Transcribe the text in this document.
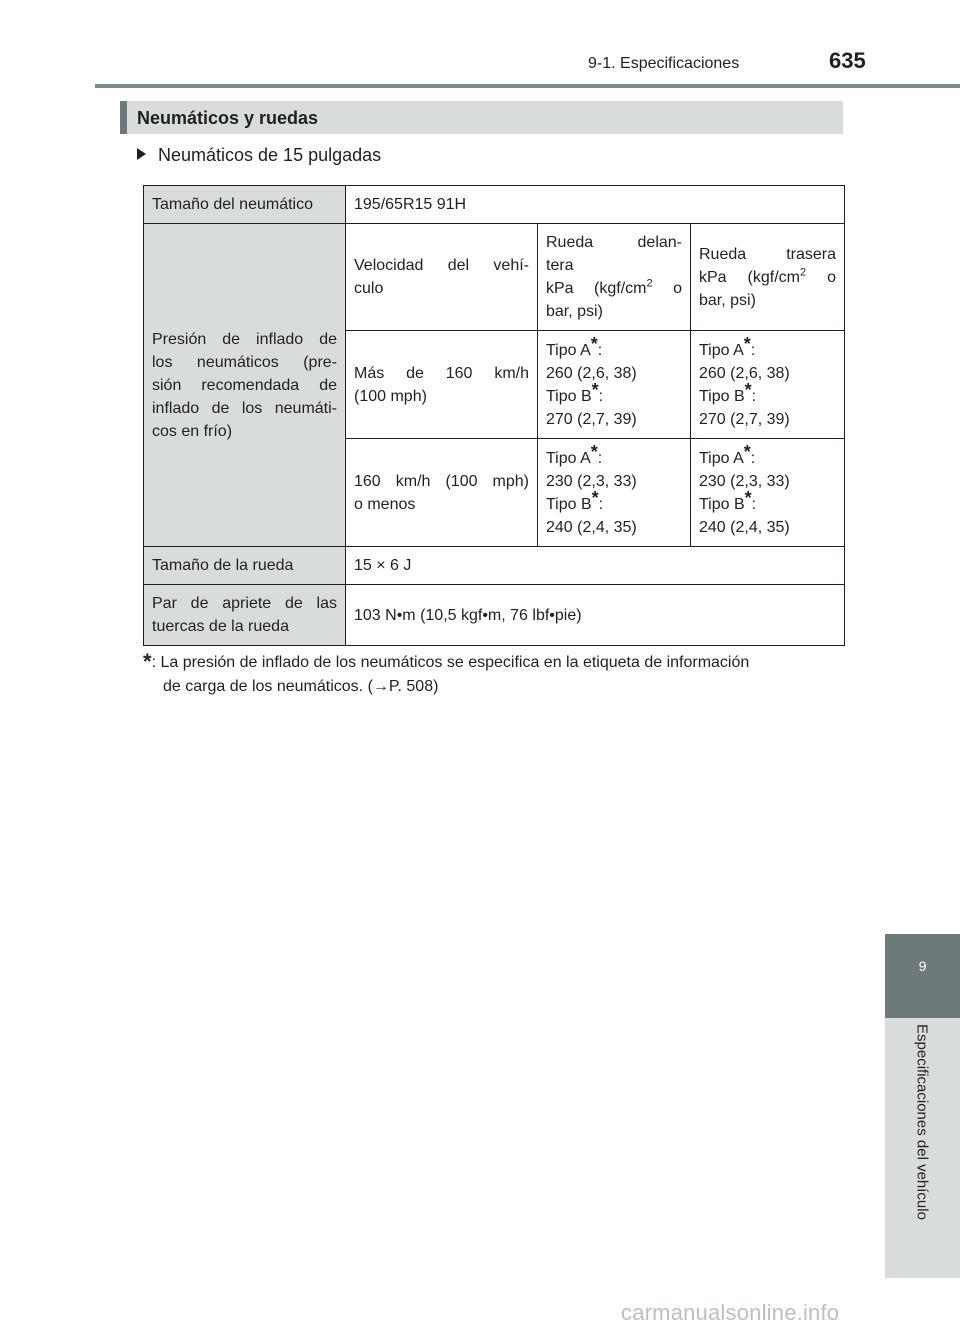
9-1. Especificaciones	635
Neumáticos y ruedas
Neumáticos de 15 pulgadas
Tamaño del neumático	195/65R15 91H		

Presión de inflado de
los neumáticos (pre-
sión recomendada de
inflado de los neumáti-
cos en frío)	Velocidad del vehí-
culo	Rueda delan-
tera
kPa ($kgf/cm^2$ o
bar, psi)	Rueda trasera
kPa ($kgf/cm^2$ o
bar, psi)

	Más de 160 km/h
(100 mph)	Tipo A*:
260 (2,6, 38)
Tipo B*:
270 (2,7, 39)	Tipo A*:
260 (2,6, 38)
Tipo B*:
270 (2,7, 39)

	160 km/h (100 mph)
o menos	Tipo A*:
230 (2,3, 33)
Tipo B*:
240 (2,4, 35)	Tipo A*:
230 (2,3, 33)
Tipo B*:
240 (2,4, 35)

Tamaño de la rueda	15 × 6 J		

Par de apriete de las
tuercas de la rueda	103 N•m (10,5 kgf•m, 76 lbf•pie)		
*: La presión de inflado de los neumáticos se especifica en la etiqueta de información
de carga de los neumáticos. (→P. 508)
9
Especificaciones del vehículo
carmanualsonline.info
